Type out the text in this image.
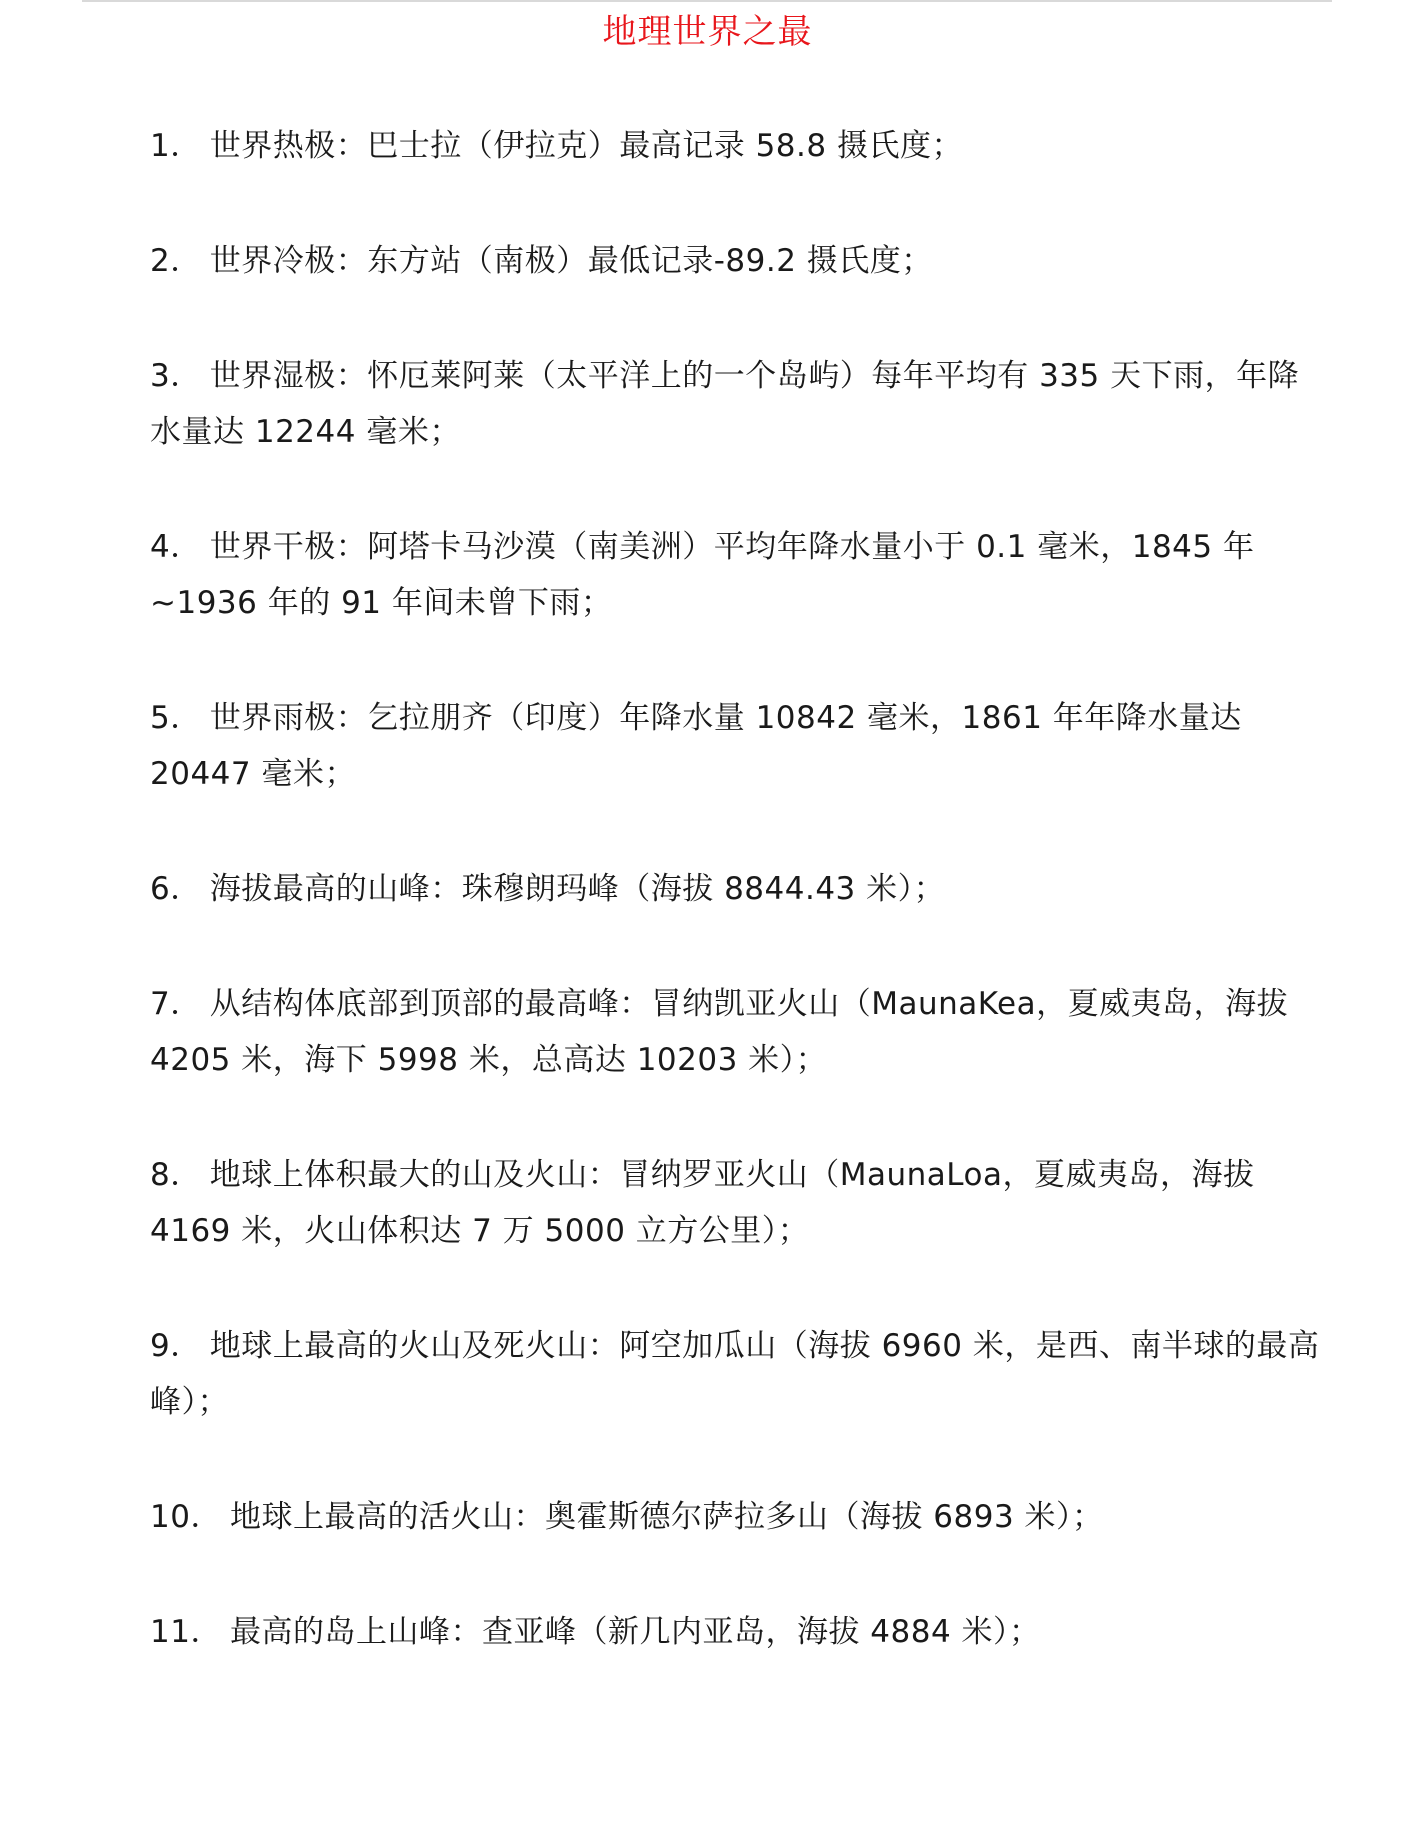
地理世界之最
1． 世界热极：巴士拉（伊拉克）最高记录 58.8 摄氏度；
2． 世界冷极：东方站（南极）最低记录-89.2 摄氏度；
3． 世界湿极：怀厄莱阿莱（太平洋上的一个岛屿）每年平均有 335 天下雨，年降水量达 12244 毫米；
4． 世界干极：阿塔卡马沙漠（南美洲）平均年降水量小于 0.1 毫米，1845 年~1936 年的 91 年间未曾下雨；
5． 世界雨极：乞拉朋齐（印度）年降水量 10842 毫米，1861 年年降水量达 20447 毫米；
6． 海拔最高的山峰：珠穆朗玛峰（海拔 8844.43 米）；
7． 从结构体底部到顶部的最高峰：冒纳凯亚火山（MaunaKea，夏威夷岛，海拔 4205 米，海下 5998 米，总高达 10203 米）；
8． 地球上体积最大的山及火山：冒纳罗亚火山（MaunaLoa，夏威夷岛，海拔 4169 米，火山体积达 7 万 5000 立方公里）；
9． 地球上最高的火山及死火山：阿空加瓜山（海拔 6960 米，是西、南半球的最高峰）；
10． 地球上最高的活火山：奥霍斯德尔萨拉多山（海拔 6893 米）；
11． 最高的岛上山峰：查亚峰（新几内亚岛，海拔 4884 米）；
